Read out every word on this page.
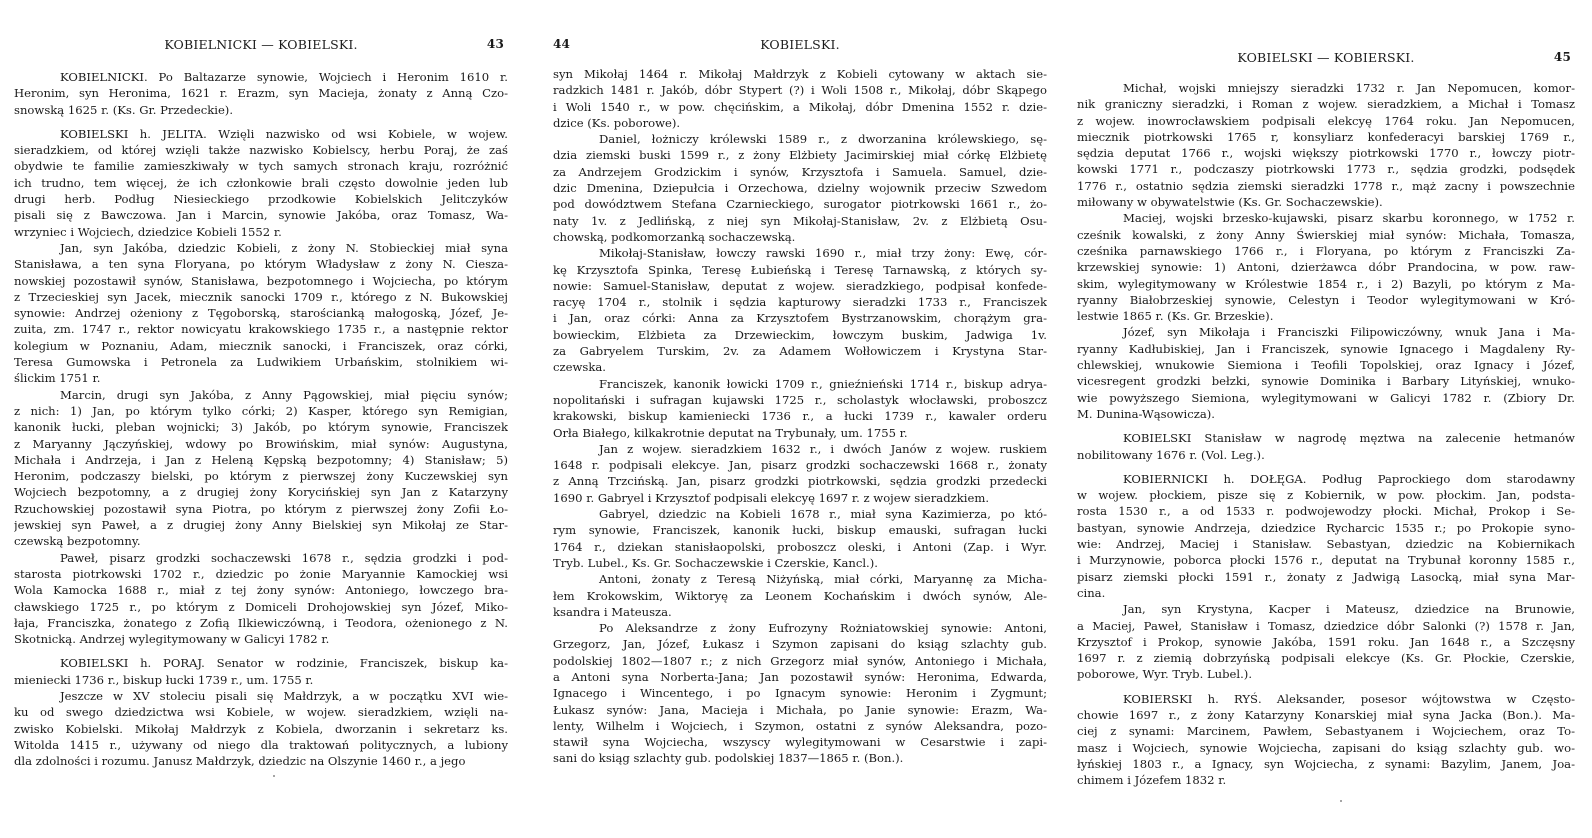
KOBIELNICKI — KOBIELSKI.	43
KOBIELNICKI. Po Baltazarze synowie, Wojciech i Heronim 1610 r.
Heronim, syn Heronima, 1621 r. Erazm, syn Macieja, żonaty z Anną Czo-
snowską 1625 r. (Ks. Gr. Przedeckie).
KOBIELSKI h. JELITA. Wzięli nazwisko od wsi Kobiele, w wojew.
sieradzkiem, od której wzięli także nazwisko Kobielscy, herbu Poraj, że zaś
obydwie te familie zamieszkiwały w tych samych stronach kraju, rozróżnić
ich trudno, tem więcej, że ich członkowie brali często dowolnie jeden lub
drugi herb. Podług Niesieckiego przodkowie Kobielskich Jelitczyków
pisali się z Bawczowa. Jan i Marcin, synowie Jakóba, oraz Tomasz, Wa-
wrzyniec i Wojciech, dziedzice Kobieli 1552 r.
Jan, syn Jakóba, dziedzic Kobieli, z żony N. Stobieckiej miał syna
Stanisława, a ten syna Floryana, po którym Władysław z żony N. Ciesza-
nowskiej pozostawił synów, Stanisława, bezpotomnego i Wojciecha, po którym
z Trzecieskiej syn Jacek, miecznik sanocki 1709 r., którego z N. Bukowskiej
synowie: Andrzej ożeniony z Tęgoborską, starościanką małogoską, Józef, Je-
zuita, zm. 1747 r., rektor nowicyatu krakowskiego 1735 r., a następnie rektor
kolegium w Poznaniu, Adam, miecznik sanocki, i Franciszek, oraz córki,
Teresa Gumowska i Petronela za Ludwikiem Urbańskim, stolnikiem wi-
ślickim 1751 r.
Marcin, drugi syn Jakóba, z Anny Pągowskiej, miał pięciu synów;
z nich: 1) Jan, po którym tylko córki; 2) Kasper, którego syn Remigian,
kanonik łucki, pleban wojnicki; 3) Jakób, po którym synowie, Franciszek
z Maryanny Jączyńskiej, wdowy po Browińskim, miał synów: Augustyna,
Michała i Andrzeja, i Jan z Heleną Kępską bezpotomny; 4) Stanisław; 5)
Heronim, podczaszy bielski, po którym z pierwszej żony Kuczewskiej syn
Wojciech bezpotomny, a z drugiej żony Korycińskiej syn Jan z Katarzyny
Rzuchowskiej pozostawił syna Piotra, po którym z pierwszej żony Zofii Ło-
jewskiej syn Paweł, a z drugiej żony Anny Bielskiej syn Mikołaj ze Star-
czewską bezpotomny.
Paweł, pisarz grodzki sochaczewski 1678 r., sędzia grodzki i pod-
starosta piotrkowski 1702 r., dziedzic po żonie Maryannie Kamockiej wsi
Wola Kamocka 1688 r., miał z tej żony synów: Antoniego, łowczego bra-
cławskiego 1725 r., po którym z Domiceli Drohojowskiej syn Józef, Miko-
łaja, Franciszka, żonatego z Zofią Ilkiewiczówną, i Teodora, ożenionego z N.
Skotnicką. Andrzej wylegitymowany w Galicyi 1782 r.
KOBIELSKI h. PORAJ. Senator w rodzinie, Franciszek, biskup ka-
mieniecki 1736 r., biskup łucki 1739 r., um. 1755 r.
Jeszcze w XV stoleciu pisali się Małdrzyk, a w początku XVI wie-
ku od swego dziedzictwa wsi Kobiele, w wojew. sieradzkiem, wzięli na-
zwisko Kobielski. Mikołaj Małdrzyk z Kobiela, dworzanin i sekretarz ks.
Witolda 1415 r., używany od niego dla traktowań politycznych, a lubiony
dla zdolności i rozumu. Janusz Małdrzyk, dziedzic na Olszynie 1460 r., a jego
44	KOBIELSKI.
syn Mikołaj 1464 r. Mikołaj Małdrzyk z Kobieli cytowany w aktach sie-
radzkich 1481 r. Jakób, dóbr Stypert (?) i Woli 1508 r., Mikołaj, dóbr Skąpego
i Woli 1540 r., w pow. chęcińskim, a Mikołaj, dóbr Dmenina 1552 r. dzie-
dzice (Ks. poborowe).
Daniel, łożniczy królewski 1589 r., z dworzanina królewskiego, sę-
dzia ziemski buski 1599 r., z żony Elżbiety Jacimirskiej miał córkę Elżbietę
za Andrzejem Grodzickim i synów, Krzysztofa i Samuela. Samuel, dzie-
dzic Dmenina, Dziepułcia i Orzechowa, dzielny wojownik przeciw Szwedom
pod dowództwem Stefana Czarnieckiego, surogator piotrkowski 1661 r., żo-
naty 1v. z Jedlińską, z niej syn Mikołaj-Stanisław, 2v. z Elżbietą Osu-
chowską, podkomorzanką sochaczewską.
Mikołaj-Stanisław, łowczy rawski 1690 r., miał trzy żony: Ewę, cór-
kę Krzysztofa Spinka, Teresę Łubieńską i Teresę Tarnawską, z których sy-
nowie: Samuel-Stanisław, deputat z wojew. sieradzkiego, podpisał konfede-
racyę 1704 r., stolnik i sędzia kapturowy sieradzki 1733 r., Franciszek
i Jan, oraz córki: Anna za Krzysztofem Bystrzanowskim, chorążym gra-
bowieckim, Elżbieta za Drzewieckim, łowczym buskim, Jadwiga 1v.
za Gabryelem Turskim, 2v. za Adamem Wołłowiczem i Krystyna Star-
czewska.
Franciszek, kanonik łowicki 1709 r., gnieźnieński 1714 r., biskup adrya-
nopolitański i sufragan kujawski 1725 r., scholastyk włocławski, proboszcz
krakowski, biskup kamieniecki 1736 r., a łucki 1739 r., kawaler orderu
Orła Białego, kilkakrotnie deputat na Trybunały, um. 1755 r.
Jan z wojew. sieradzkiem 1632 r., i dwóch Janów z wojew. ruskiem
1648 r. podpisali elekcye. Jan, pisarz grodzki sochaczewski 1668 r., żonaty
z Anną Trzcińską. Jan, pisarz grodzki piotrkowski, sędzia grodzki przedecki
1690 r. Gabryel i Krzysztof podpisali elekcyę 1697 r. z wojew sieradzkiem.
Gabryel, dziedzic na Kobieli 1678 r., miał syna Kazimierza, po któ-
rym synowie, Franciszek, kanonik łucki, biskup emauski, sufragan łucki
1764 r., dziekan stanisłaopolski, proboszcz oleski, i Antoni (Zap. i Wyr.
Tryb. Lubel., Ks. Gr. Sochaczewskie i Czerskie, Kancl.).
Antoni, żonaty z Teresą Niżyńską, miał córki, Maryannę za Micha-
łem Krokowskim, Wiktoryę za Leonem Kochańskim i dwóch synów, Ale-
ksandra i Mateusza.
Po Aleksandrze z żony Eufrozyny Rożniatowskiej synowie: Antoni,
Grzegorz, Jan, Józef, Łukasz i Szymon zapisani do ksiąg szlachty gub.
podolskiej 1802—1807 r.; z nich Grzegorz miał synów, Antoniego i Michała,
a Antoni syna Norberta-Jana; Jan pozostawił synów: Heronima, Edwarda,
Ignacego i Wincentego, i po Ignacym synowie: Heronim i Zygmunt;
Łukasz synów: Jana, Macieja i Michała, po Janie synowie: Erazm, Wa-
lenty, Wilhelm i Wojciech, i Szymon, ostatni z synów Aleksandra, pozo-
stawił syna Wojciecha, wszyscy wylegitymowani w Cesarstwie i zapi-
sani do ksiąg szlachty gub. podolskiej 1837—1865 r. (Bon.).
KOBIELSKI — KOBIERSKI.	45
Michał, wojski mniejszy sieradzki 1732 r. Jan Nepomucen, komor-
nik graniczny sieradzki, i Roman z wojew. sieradzkiem, a Michał i Tomasz
z wojew. inowrocławskiem podpisali elekcyę 1764 roku. Jan Nepomucen,
miecznik piotrkowski 1765 r, konsyliarz konfederacyi barskiej 1769 r.,
sędzia deputat 1766 r., wojski większy piotrkowski 1770 r., łowczy piotr-
kowski 1771 r., podczaszy piotrkowski 1773 r., sędzia grodzki, podsędek
1776 r., ostatnio sędzia ziemski sieradzki 1778 r., mąż zacny i powszechnie
miłowany w obywatelstwie (Ks. Gr. Sochaczewskie).
Maciej, wojski brzesko-kujawski, pisarz skarbu koronnego, w 1752 r.
cześnik kowalski, z żony Anny Świerskiej miał synów: Michała, Tomasza,
cześnika parnawskiego 1766 r., i Floryana, po którym z Franciszki Za-
krzewskiej synowie: 1) Antoni, dzierżawca dóbr Prandocina, w pow. raw-
skim, wylegitymowany w Królestwie 1854 r., i 2) Bazyli, po którym z Ma-
ryanny Białobrzeskiej synowie, Celestyn i Teodor wylegitymowani w Kró-
lestwie 1865 r. (Ks. Gr. Brzeskie).
Józef, syn Mikołaja i Franciszki Filipowiczówny, wnuk Jana i Ma-
ryanny Kadłubiskiej, Jan i Franciszek, synowie Ignacego i Magdaleny Ry-
chlewskiej, wnukowie Siemiona i Teofili Topolskiej, oraz Ignacy i Józef,
vicesregent grodzki bełzki, synowie Dominika i Barbary Lityńskiej, wnuko-
wie powyższego Siemiona, wylegitymowani w Galicyi 1782 r. (Zbiory Dr.
M. Dunina-Wąsowicza).
KOBIELSKI Stanisław w nagrodę męztwa na zalecenie hetmanów
nobilitowany 1676 r. (Vol. Leg.).
KOBIERNICKI h. DOŁĘGA. Podług Paprockiego dom starodawny
w wojew. płockiem, pisze się z Kobiernik, w pow. płockim. Jan, podsta-
rosta 1530 r., a od 1533 r. podwojewodzy płocki. Michał, Prokop i Se-
bastyan, synowie Andrzeja, dziedzice Rycharcic 1535 r.; po Prokopie syno-
wie: Andrzej, Maciej i Stanisław. Sebastyan, dziedzic na Kobiernikach
i Murzynowie, poborca płocki 1576 r., deputat na Trybunał koronny 1585 r.,
pisarz ziemski płocki 1591 r., żonaty z Jadwigą Lasocką, miał syna Mar-
cina.
Jan, syn Krystyna, Kacper i Mateusz, dziedzice na Brunowie,
a Maciej, Paweł, Stanisław i Tomasz, dziedzice dóbr Salonki (?) 1578 r. Jan,
Krzysztof i Prokop, synowie Jakóba, 1591 roku. Jan 1648 r., a Szczęsny
1697 r. z ziemią dobrzyńską podpisali elekcye (Ks. Gr. Płockie, Czerskie,
poborowe, Wyr. Tryb. Lubel.).
KOBIERSKI h. RYŚ. Aleksander, posesor wójtowstwa w Często-
chowie 1697 r., z żony Katarzyny Konarskiej miał syna Jacka (Bon.). Ma-
ciej z synami: Marcinem, Pawłem, Sebastyanem i Wojciechem, oraz To-
masz i Wojciech, synowie Wojciecha, zapisani do ksiąg szlachty gub. wo-
łyńskiej 1803 r., a Ignacy, syn Wojciecha, z synami: Bazylim, Janem, Joa-
chimem i Józefem 1832 r.
